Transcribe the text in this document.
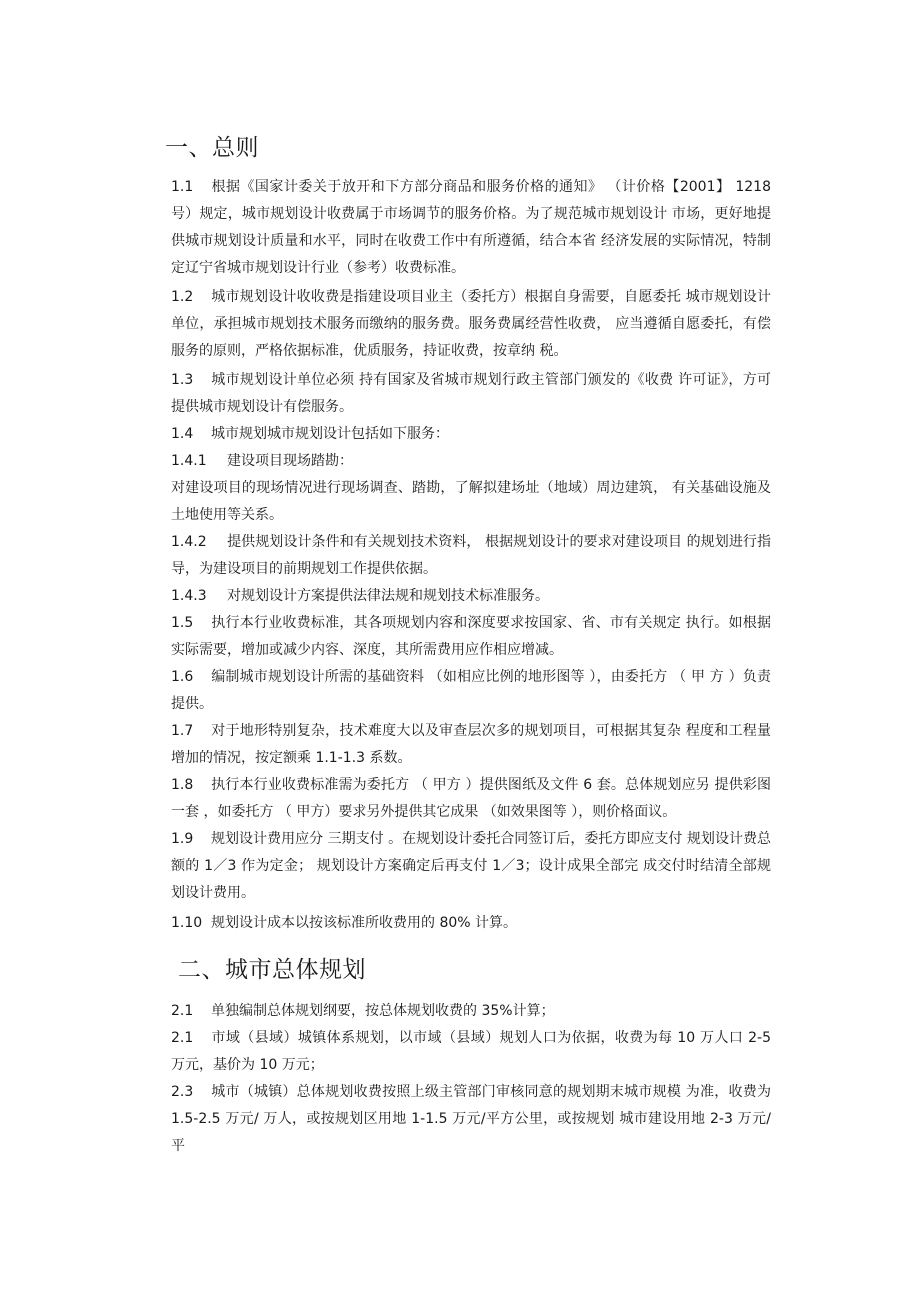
一、总则

1.1 根据《国家计委关于放开和下方部分商品和服务价格的通知》 （计价格【2001】 1218 号）规定，城市规划设计收费属于市场调节的服务价格。为了规范城市规划设计 市场，更好地提供城市规划设计质量和水平，同时在收费工作中有所遵循，结合本省 经济发展的实际情况，特制定辽宁省城市规划设计行业（参考）收费标准。

1.2 城市规划设计收收费是指建设项目业主（委托方）根据自身需要，自愿委托 城市规划设计单位，承担城市规划技术服务而缴纳的服务费。服务费属经营性收费， 应当遵循自愿委托，有偿服务的原则，严格依据标准，优质服务，持证收费，按章纳 税。

1.3 城市规划设计单位必须 持有国家及省城市规划行政主管部门颁发的《收费 许可证》，方可提供城市规划设计有偿服务。

1.4 城市规划城市规划设计包括如下服务：

1.4.1 建设项目现场踏勘：

对建设项目的现场情况进行现场调查、踏勘，了解拟建场址（地域）周边建筑， 有关基础设施及土地使用等关系。

1.4.2 提供规划设计条件和有关规划技术资料， 根据规划设计的要求对建设项目 的规划进行指导，为建设项目的前期规划工作提供依据。

1.4.3 对规划设计方案提供法律法规和规划技术标准服务。

1.5 执行本行业收费标准，其各项规划内容和深度要求按国家、省、市有关规定 执行。如根据实际需要，增加或减少内容、深度，其所需费用应作相应增减。

1.6 编制城市规划设计所需的基础资料 （如相应比例的地形图等 ），由委托方 （ 甲 方 ）负责提供。

1.7 对于地形特别复杂，技术难度大以及审查层次多的规划项目，可根据其复杂 程度和工程量增加的情况，按定额乘 1.1-1.3 系数。

1.8 执行本行业收费标准需为委托方 （ 甲方 ）提供图纸及文件 6 套。总体规划应另 提供彩图一套 ，如委托方 （ 甲方）要求另外提供其它成果 （如效果图等 ），则价格面议。

1.9 规划设计费用应分 三期支付 。在规划设计委托合同签订后，委托方即应支付 规划设计费总额的 1／3 作为定金； 规划设计方案确定后再支付 1／3；设计成果全部完 成交付时结清全部规划设计费用。

1.10 规划设计成本以按该标准所收费用的 80% 计算。

二、城市总体规划

2.1 单独编制总体规划纲要，按总体规划收费的 35%计算；

2.1 市域（县域）城镇体系规划，以市域（县域）规划人口为依据，收费为每 10 万人口 2-5 万元，基价为 10 万元；

2.3 城市（城镇）总体规划收费按照上级主管部门审核同意的规划期末城市规模 为准，收费为 1.5-2.5 万元/ 万人，或按规划区用地 1-1.5 万元/平方公里，或按规划 城市建设用地 2-3 万元/ 平
